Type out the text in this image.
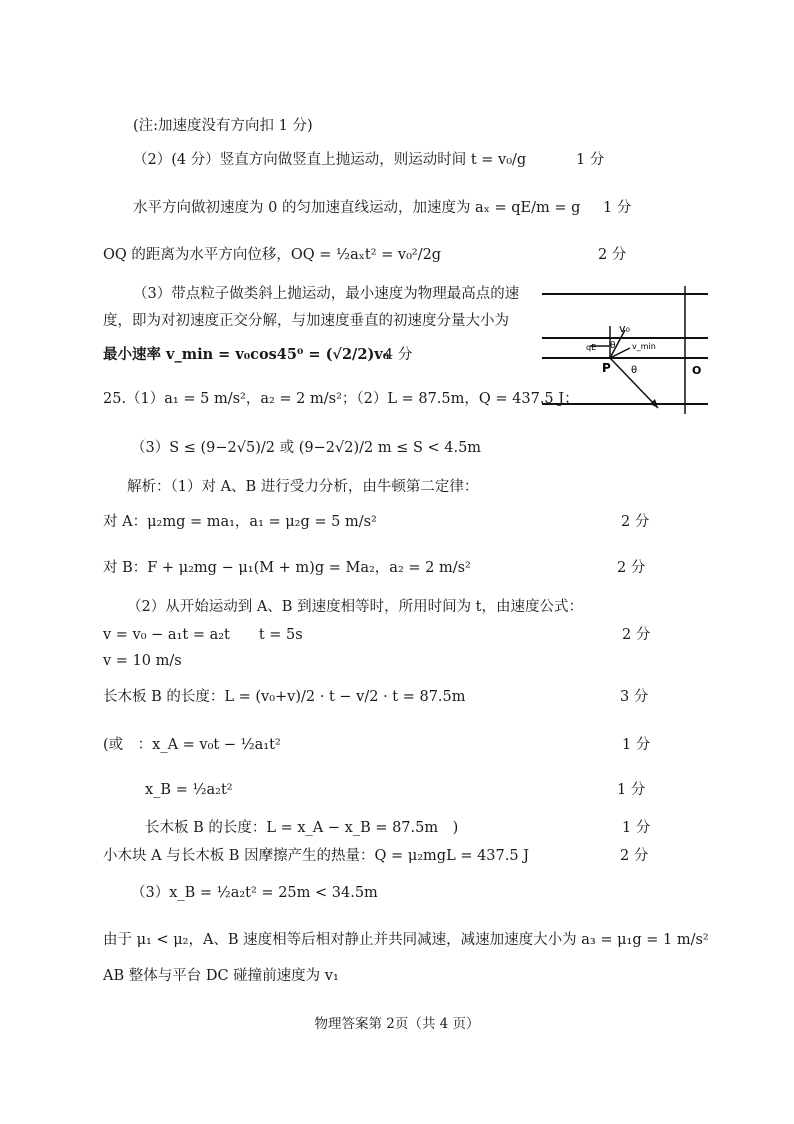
(注:加速度没有方向扣 1 分)
（2）(4 分）竖直方向做竖直上抛运动，则运动时间 t = v₀/g	1 分
水平方向做初速度为 0 的匀加速直线运动，加速度为 aₓ = qE/m = g 1 分
OQ 的距离为水平方向位移，OQ = ½aₓt² = v₀²/2g	2 分
（3）带点粒子做类斜上抛运动，最小速度为物理最高点的速
度，即为对初速度正交分解，与加速度垂直的初速度分量大小为
最小速率 v_min = v₀cos45⁰ = (√2/2)v₀
4 分
v₀
v_min
θ
P θ	O
qE
25.（1）a₁ = 5 m/s²，a₂ = 2 m/s²；（2）L = 87.5m，Q = 437.5 J；
（3）S ≤ (9−2√5)/2 或 (9−2√2)/2 m ≤ S < 4.5m
解析：（1）对 A、B 进行受力分析，由牛顿第二定律：
对 A：μ₂mg = ma₁，a₁ = μ₂g = 5 m/s²	2 分
对 B：F + μ₂mg − μ₁(M + m)g = Ma₂，a₂ = 2 m/s²	2 分
（2）从开始运动到 A、B 到速度相等时，所用时间为 t，由速度公式：
v = v₀ − a₁t = a₂t　　t = 5s	2 分
v = 10 m/s
长木板 B 的长度：L = (v₀+v)/2 · t − v/2 · t = 87.5m	3 分
(或　：x_A = v₀t − ½a₁t²	1 分
x_B = ½a₂t²	1 分
长木板 B 的长度：L = x_A − x_B = 87.5m　)	1 分
小木块 A 与长木板 B 因摩擦产生的热量：Q = μ₂mgL = 437.5 J	2 分
（3）x_B = ½a₂t² = 25m < 34.5m
由于 μ₁ < μ₂，A、B 速度相等后相对静止并共同减速，减速加速度大小为 a₃ = μ₁g = 1 m/s²
AB 整体与平台 DC 碰撞前速度为 v₁
物理答案第 2页（共 4 页）
